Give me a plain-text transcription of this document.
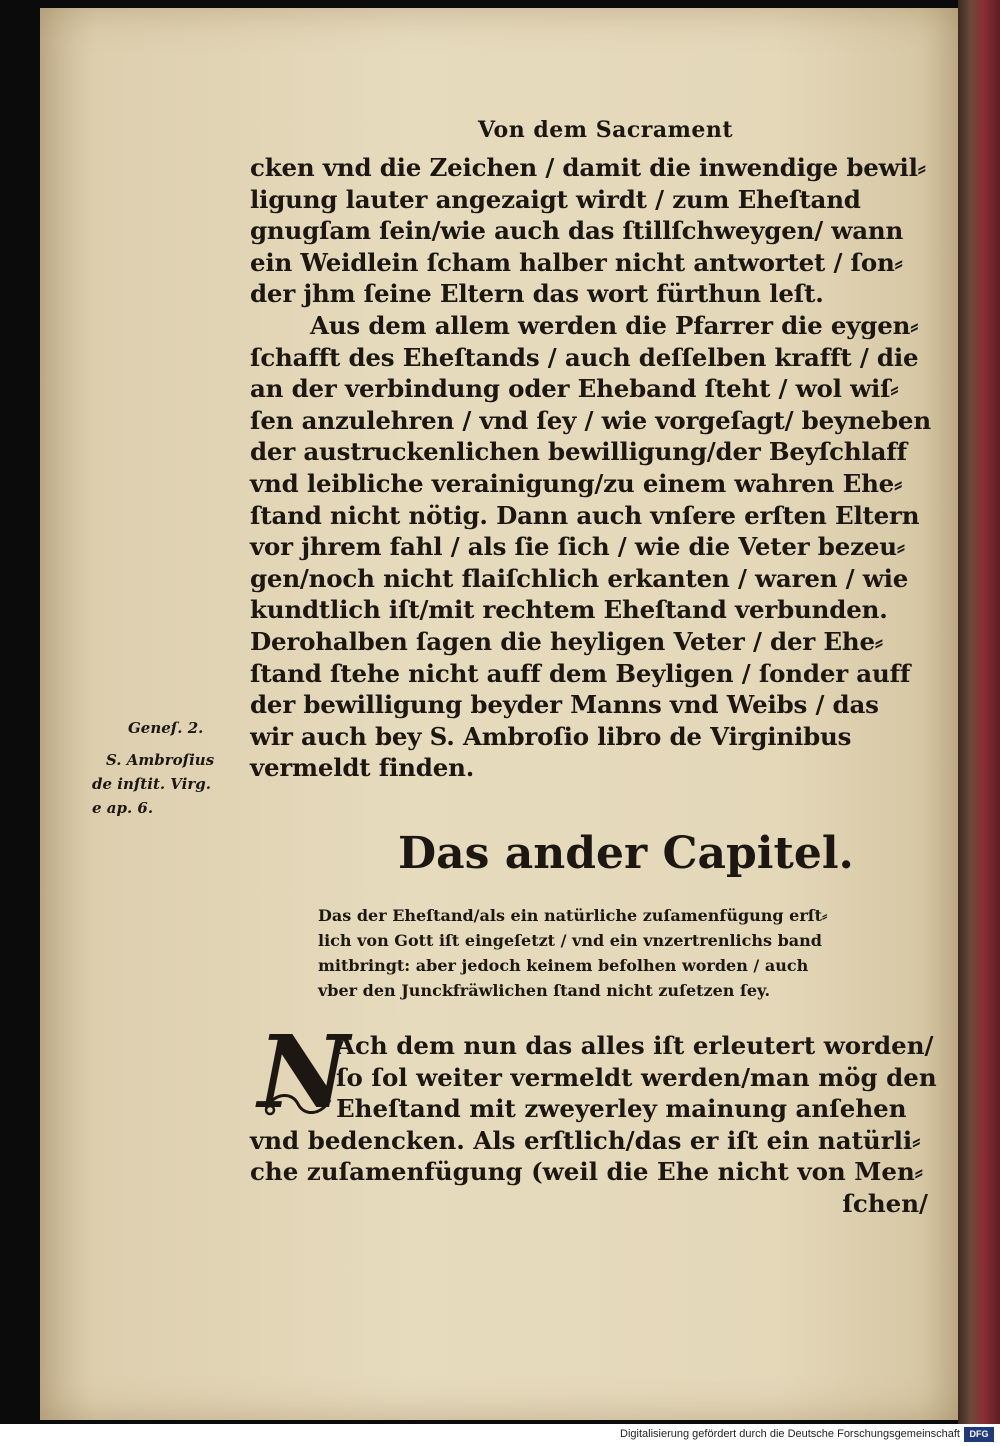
Von dem Sacrament
cken vnd die Zeichen / damit die inwendige bewil⸗
ligung lauter angezaigt wirdt / zum Eheſtand
gnugſam ſein/wie auch das ſtillſchweygen/ wann
ein Weidlein ſcham halber nicht antwortet / ſon⸗
der jhm ſeine Eltern das wort fürthun leſt.
Aus dem allem werden die Pfarrer die eygen⸗
ſchafft des Eheſtands / auch deſſelben krafft / die
an der verbindung oder Eheband ſteht / wol wiſ⸗
ſen anzulehren / vnd ſey / wie vorgeſagt/ beyneben
der austruckenlichen bewilligung/der Beyſchlaff
vnd leibliche verainigung/zu einem wahren Ehe⸗
ſtand nicht nötig. Dann auch vnſere erſten Eltern
vor jhrem fahl / als ſie ſich / wie die Veter bezeu⸗
gen/noch nicht flaiſchlich erkanten / waren / wie
kundtlich iſt/mit rechtem Eheſtand verbunden.
Derohalben ſagen die heyligen Veter / der Ehe⸗
ſtand ſtehe nicht auff dem Beyligen / ſonder auff
der bewilligung beyder Manns vnd Weibs / das
wir auch bey S. Ambroſio libro de Virginibus
vermeldt finden.
Geneſ. 2.
S. Ambroſius
de inſtit. Virg.
e ap. 6.
Das ander Capitel.
Das der Eheſtand/als ein natürliche zuſamenfügung erſt⸗
lich von Gott iſt eingeſetzt / vnd ein vnzertrenlichs band
mitbringt: aber jedoch keinem befolhen worden / auch
vber den Junckfräwlichen ſtand nicht zuſetzen ſey.
N
Ach dem nun das alles iſt erleutert worden/
ſo ſol weiter vermeldt werden/man mög den
Eheſtand mit zweyerley mainung anſehen
vnd bedencken. Als erſtlich/das er iſt ein natürli⸗
che zuſamenfügung (weil die Ehe nicht von Men⸗
ſchen/
Digitalisierung gefördert durch die Deutsche Forschungsgemeinschaft	DFG
